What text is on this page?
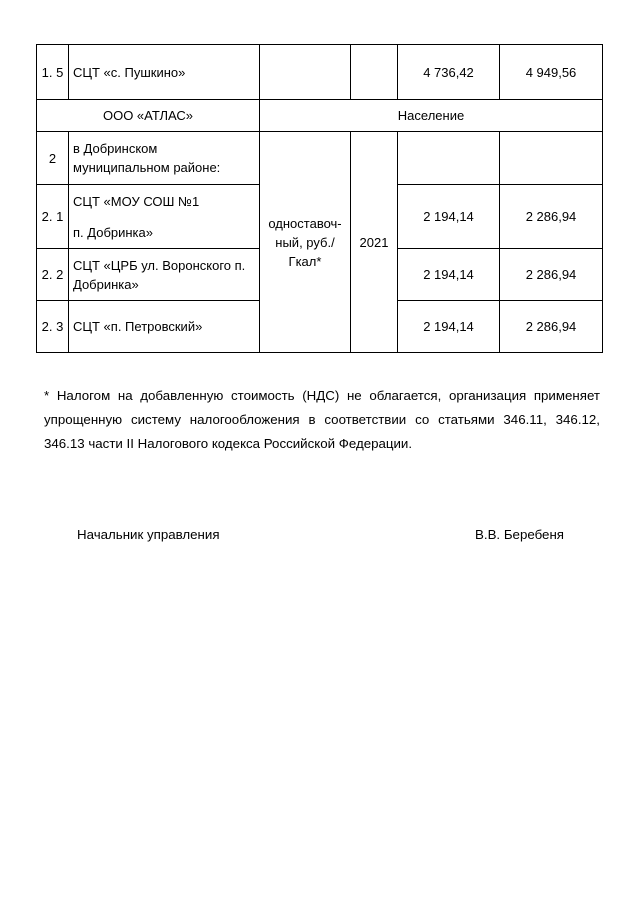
1. 5	СЦТ «с. Пушкино»			4 736,42	4 949,56
ООО «АТЛАС»		Население			
2	в Добринском муниципальном районе:	одноставоч-ный, руб./Гкал*	2021		
2. 1	СЦТ «МОУ СОШ №1
п. Добринка»			2 194,14	2 286,94
2. 2	СЦТ «ЦРБ ул. Воронского п. Добринка»			2 194,14	2 286,94
2. 3	СЦТ «п. Петровский»			2 194,14	2 286,94

* Налогом на добавленную стоимость (НДС) не облагается, организация применяет упрощенную систему налогообложения в соответствии со статьями 346.11, 346.12, 346.13 части II Налогового кодекса Российской Федерации.

Начальник управления	В.В. Беребеня
